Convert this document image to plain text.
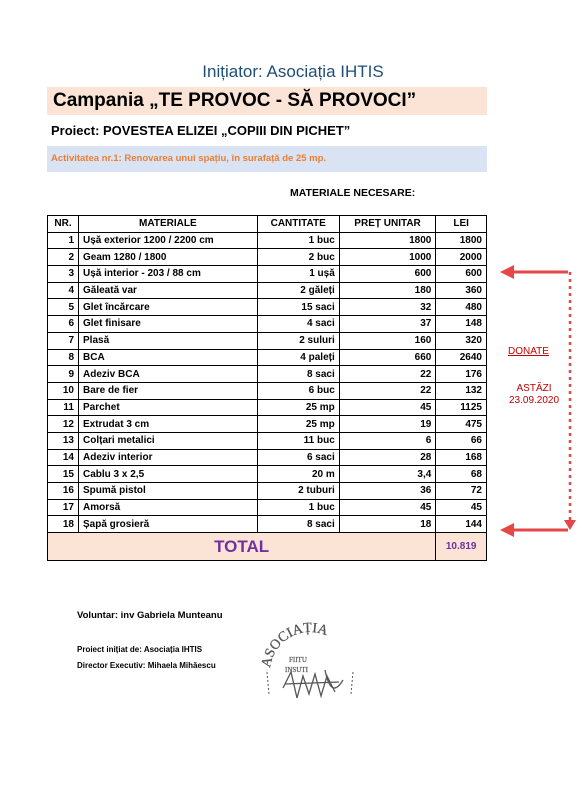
Inițiator: Asociația IHTIS
Campania „TE PROVOC - SĂ PROVOCI”
Proiect: POVESTEA ELIZEI „COPIII DIN PICHET”
Activitatea nr.1: Renovarea unui spațiu, în surafață de 25 mp.
MATERIALE NECESARE:
NR.	MATERIALE	CANTITATE	PREȚ UNITAR	LEI
1	Ușă exterior 1200 / 2200 cm	1 buc	1800	1800
2	Geam 1280 / 1800	2 buc	1000	2000
3	Ușă interior - 203 / 88 cm	1 ușă	600	600
4	Găleată var	2 găleți	180	360
5	Glet încărcare	15 saci	32	480
6	Glet finisare	4 saci	37	148
7	Plasă	2 suluri	160	320
8	BCA	4 paleți	660	2640
9	Adeziv BCA	8 saci	22	176
10	Bare de fier	6 buc	22	132
11	Parchet	25 mp	45	1125
12	Extrudat 3 cm	25 mp	19	475
13	Colțari metalici	11 buc	6	66
14	Adeziv interior	6 saci	28	168
15	Cablu 3 x 2,5	20 m	3,4	68
16	Spumă pistol	2 tuburi	36	72
17	Amorsă	1 buc	45	45
18	Șapă grosieră	8 saci	18	144
TOTAL				10.819
DONATE
ASTĂZI
23.09.2020
Voluntar: inv Gabriela Munteanu
Proiect inițiat de: Asociația IHTIS
Director Executiv: Mihaela Mihăescu	ASOCIAȚIA
FIITU
INSUTI
